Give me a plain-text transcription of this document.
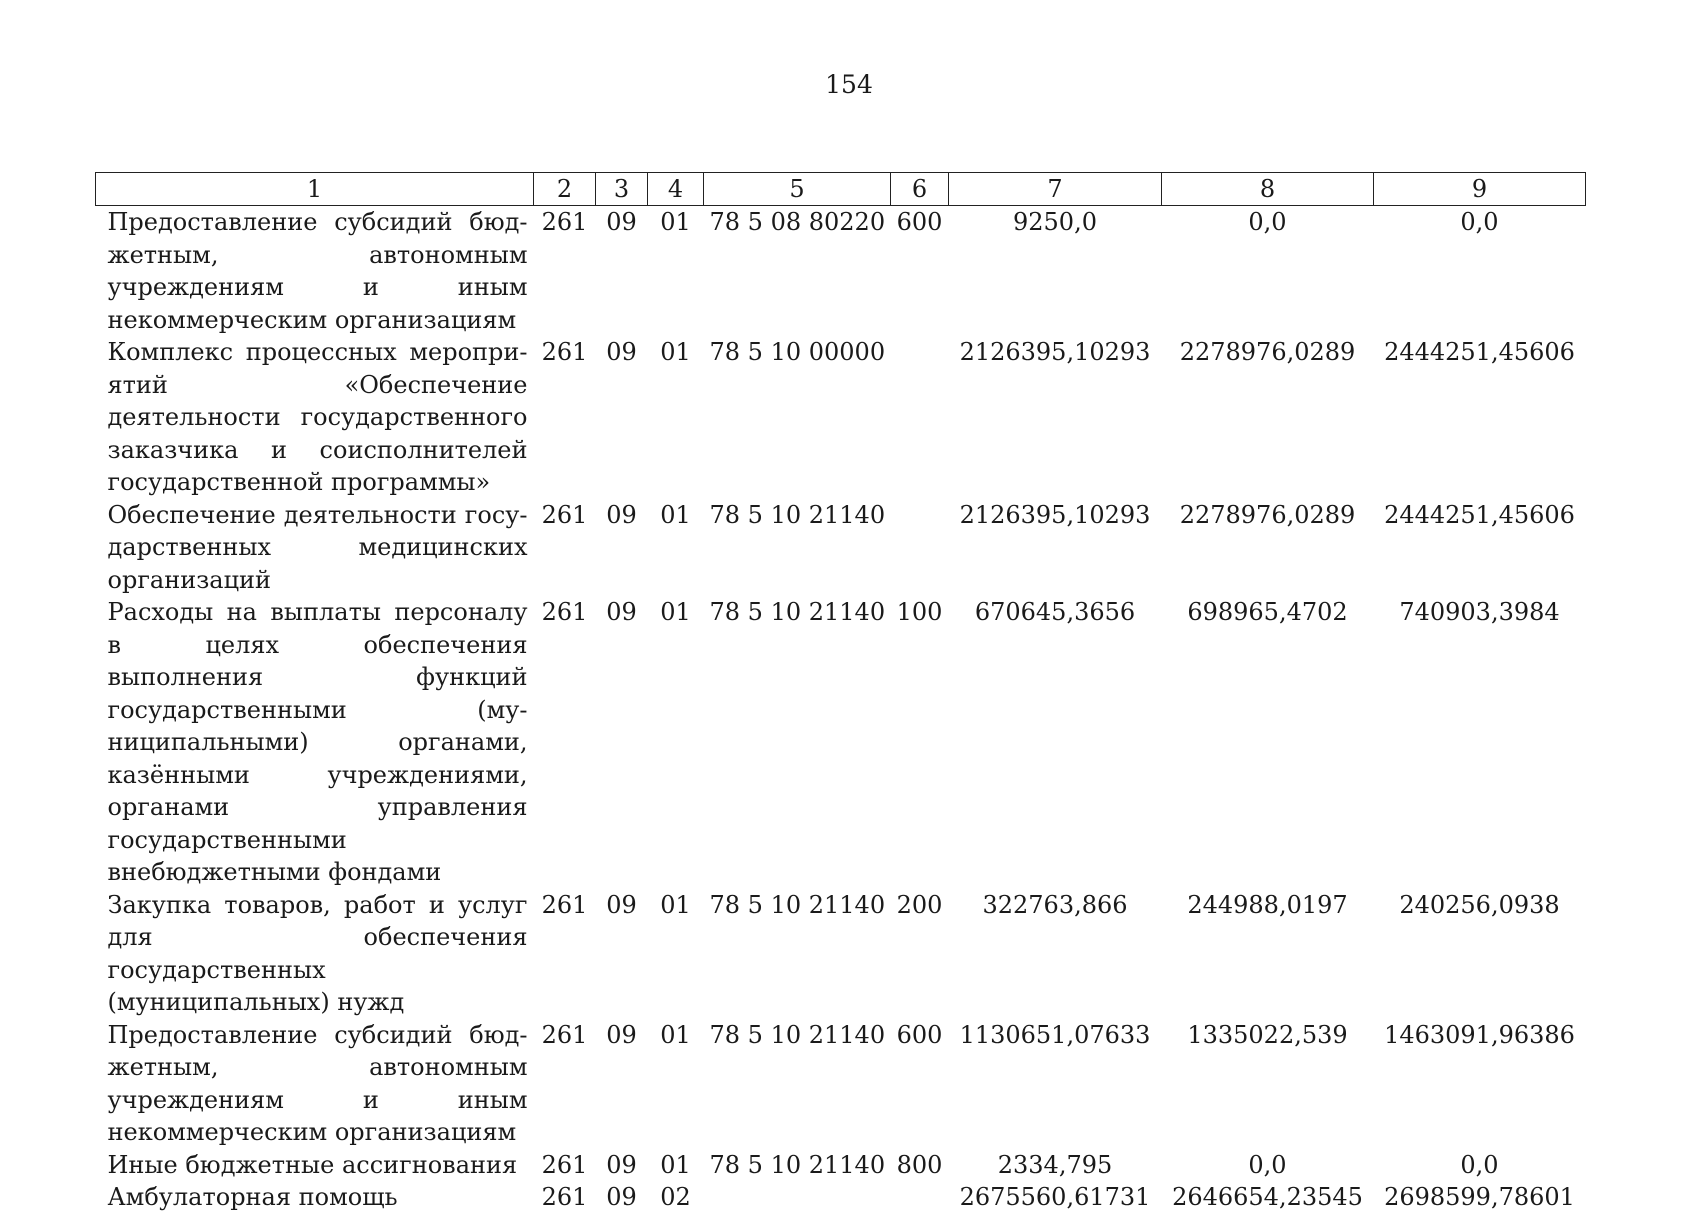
154
1	2	3	4	5	6	7	8	9
Предоставление субсидий бюджетным, автономным учреждениям и иным некоммерческим организациям	261	09	01	78 5 08 80220	600	9250,0	0,0	0,0
Комплекс процессных мероприятий «Обеспечение деятельности государственного заказчика и соисполнителей государственной программы»	261	09	01	78 5 10 00000		2126395,10293	2278976,0289	2444251,45606
Обеспечение деятельности государственных медицинских организаций	261	09	01	78 5 10 21140		2126395,10293	2278976,0289	2444251,45606
Расходы на выплаты персоналу в целях обеспечения выполнения функций государственными (муниципальными) органами, казёнными учреждениями, органами управления государственными внебюджетными фондами	261	09	01	78 5 10 21140	100	670645,3656	698965,4702	740903,3984
Закупка товаров, работ и услуг для обеспечения государственных (муниципальных) нужд	261	09	01	78 5 10 21140	200	322763,866	244988,0197	240256,0938
Предоставление субсидий бюджетным, автономным учреждениям и иным некоммерческим организациям	261	09	01	78 5 10 21140	600	1130651,07633	1335022,539	1463091,96386
Иные бюджетные ассигнования	261	09	01	78 5 10 21140	800	2334,795	0,0	0,0
Амбулаторная помощь	261	09	02			2675560,61731	2646654,23545	2698599,78601
